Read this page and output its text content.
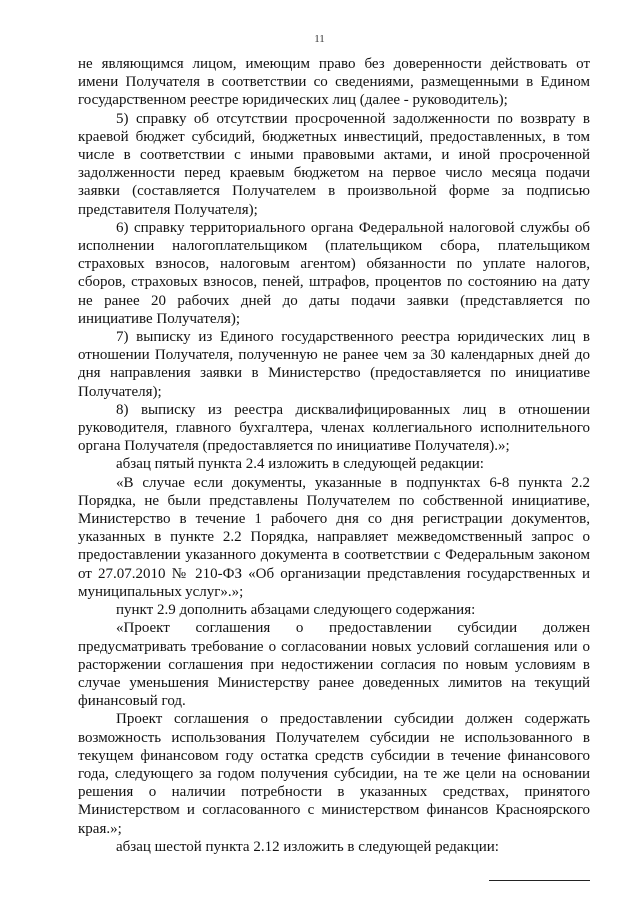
11

не являющимся лицом, имеющим право без доверенности действовать от имени Получателя в соответствии со сведениями, размещенными в Едином государственном реестре юридических лиц (далее - руководитель);

5) справку об отсутствии просроченной задолженности по возврату в краевой бюджет субсидий, бюджетных инвестиций, предоставленных, в том числе в соответствии с иными правовыми актами, и иной просроченной задолженности перед краевым бюджетом на первое число месяца подачи заявки (составляется Получателем в произвольной форме за подписью представителя Получателя);

6) справку территориального органа Федеральной налоговой службы об исполнении налогоплательщиком (плательщиком сбора, плательщиком страховых взносов, налоговым агентом) обязанности по уплате налогов, сборов, страховых взносов, пеней, штрафов, процентов по состоянию на дату не ранее 20 рабочих дней до даты подачи заявки (представляется по инициативе Получателя);

7) выписку из Единого государственного реестра юридических лиц в отношении Получателя, полученную не ранее чем за 30 календарных дней до дня направления заявки в Министерство (предоставляется по инициативе Получателя);

8) выписку из реестра дисквалифицированных лиц в отношении руководителя, главного бухгалтера, членах коллегиального исполнительного органа Получателя (предоставляется по инициативе Получателя).»;

абзац пятый пункта 2.4 изложить в следующей редакции:

«В случае если документы, указанные в подпунктах 6-8 пункта 2.2 Порядка, не были представлены Получателем по собственной инициативе, Министерство в течение 1 рабочего дня со дня регистрации документов, указанных в пункте 2.2 Порядка, направляет межведомственный запрос о предоставлении указанного документа в соответствии с Федеральным законом от 27.07.2010 № 210-ФЗ «Об организации представления государственных и муниципальных услуг».»;

пункт 2.9 дополнить абзацами следующего содержания:

«Проект соглашения о предоставлении субсидии должен предусматривать требование о согласовании новых условий соглашения или о расторжении соглашения при недостижении согласия по новым условиям в случае уменьшения Министерству ранее доведенных лимитов на текущий финансовый год.

Проект соглашения о предоставлении субсидии должен содержать возможность использования Получателем субсидии не использованного в текущем финансовом году остатка средств субсидии в течение финансового года, следующего за годом получения субсидии, на те же цели на основании решения о наличии потребности в указанных средствах, принятого Министерством и согласованного с министерством финансов Красноярского края.»;

абзац шестой пункта 2.12 изложить в следующей редакции:
